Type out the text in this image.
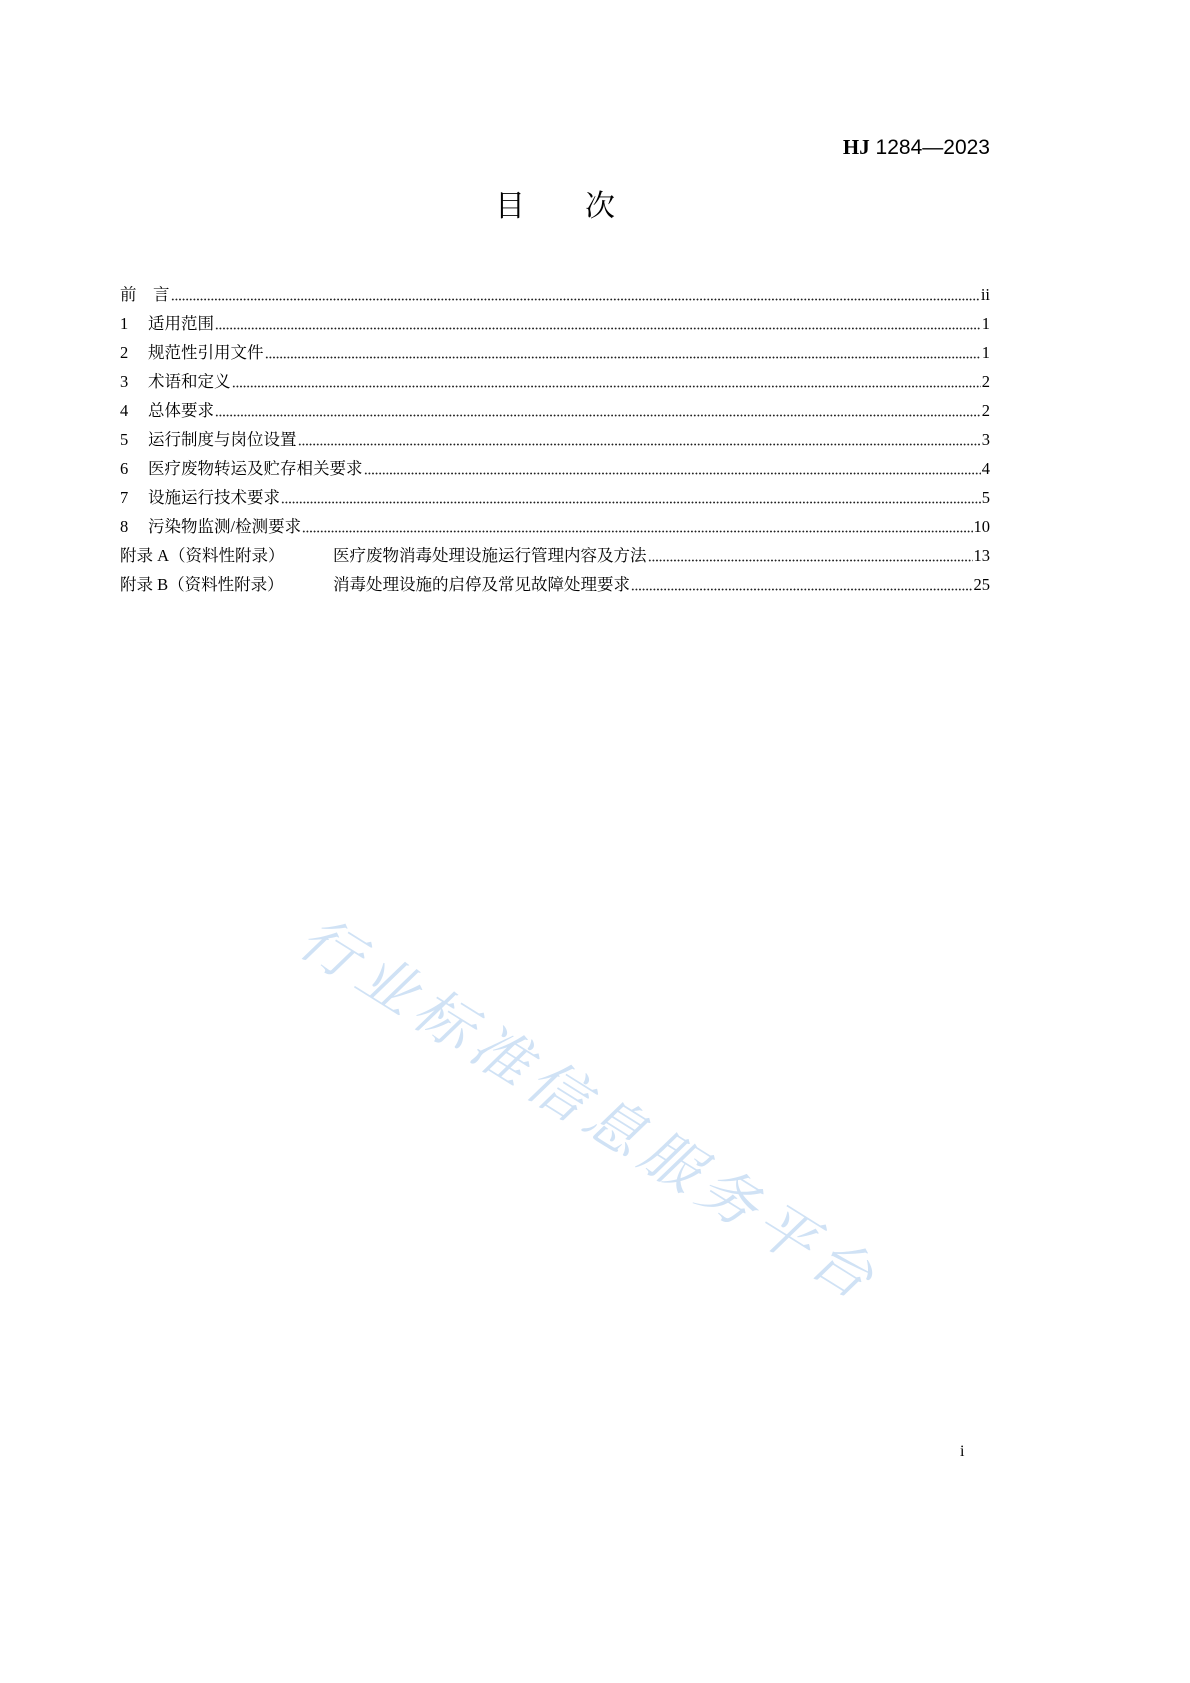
HJ 1284—2023
目　　次
前　言	ii
1	适用范围	1
2	规范性引用文件	1
3	术语和定义	2
4	总体要求	2
5	运行制度与岗位设置	3
6	医疗废物转运及贮存相关要求	4
7	设施运行技术要求	5
8	污染物监测/检测要求	10
附录 A（资料性附录）	医疗废物消毒处理设施运行管理内容及方法	13
附录 B（资料性附录）	消毒处理设施的启停及常见故障处理要求	25
行业标准信息服务平台
i
